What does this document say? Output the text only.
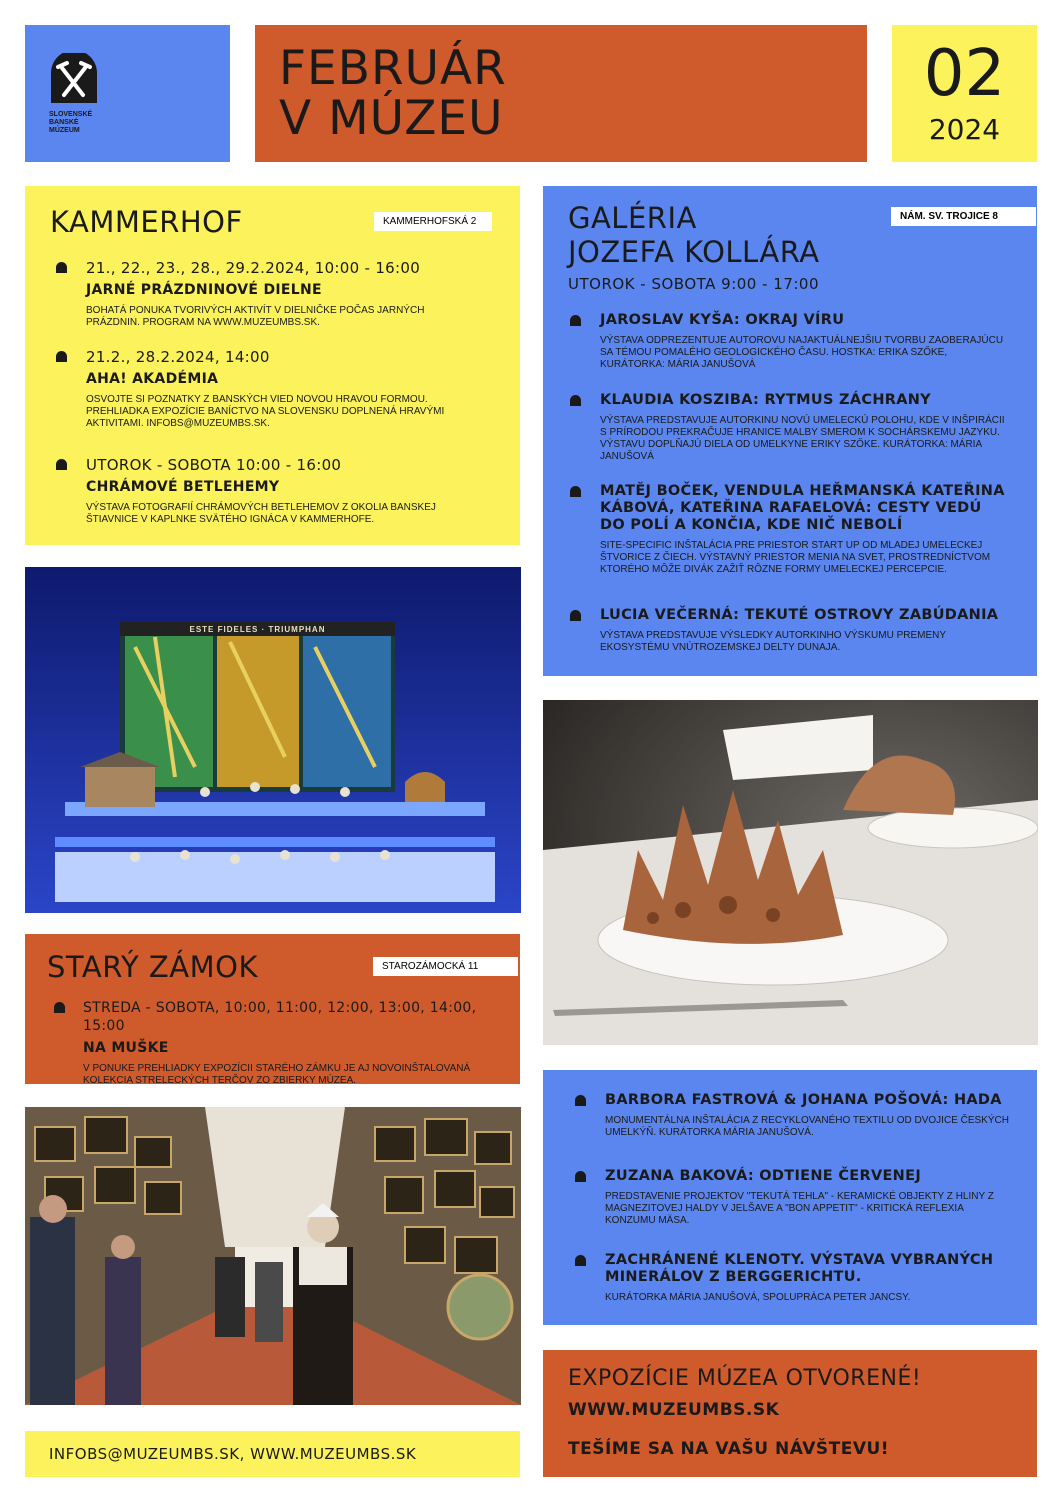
SLOVENSKÉ BANSKÉ MÚZEUM
FEBRUÁR
V MÚZEU
02
2024
KAMMERHOF	KAMMERHOFSKÁ 2
21., 22., 23., 28., 29.2.2024, 10:00 - 16:00
JARNÉ PRÁZDNINOVÉ DIELNE
BOHATÁ PONUKA TVORIVÝCH AKTIVÍT V DIELNIČKE POČAS JARNÝCH PRÁZDNIN. PROGRAM NA WWW.MUZEUMBS.SK.
21.2., 28.2.2024, 14:00
AHA! AKADÉMIA
OSVOJTE SI POZNATKY Z BANSKÝCH VIED NOVOU HRAVOU FORMOU. PREHLIADKA EXPOZÍCIE BANÍCTVO NA SLOVENSKU DOPLNENÁ HRAVÝMI AKTIVITAMI. INFOBS@MUZEUMBS.SK.
UTOROK - SOBOTA 10:00 - 16:00
CHRÁMOVÉ BETLEHEMY
VÝSTAVA FOTOGRAFIÍ CHRÁMOVÝCH BETLEHEMOV Z OKOLIA BANSKEJ ŠTIAVNICE V KAPLNKE SVÄTÉHO IGNÁCA V KAMMERHOFE.
GALÉRIA
JOZEFA KOLLÁRA
UTOROK - SOBOTA 9:00 - 17:00
NÁM. SV. TROJICE 8
JAROSLAV KYŠA: OKRAJ VÍRU
VÝSTAVA ODPREZENTUJE AUTOROVU NAJAKTUÁLNEJŠIU TVORBU ZAOBERAJÚCU SA TÉMOU POMALÉHO GEOLOGICKÉHO ČASU. HOSTKA: ERIKA SZŐKE, KURÁTORKA: MÁRIA JANUŠOVÁ
KLAUDIA KOSZIBA: RYTMUS ZÁCHRANY
VÝSTAVA PREDSTAVUJE AUTORKINU NOVÚ UMELECKÚ POLOHU, KDE V INŠPIRÁCII S PRÍRODOU PREKRAČUJE HRANICE MALBY SMEROM K SOCHÁRSKEMU JAZYKU. VÝSTAVU DOPLŇAJÚ DIELA OD UMELKYNE ERIKY SZŐKE. KURÁTORKA: MÁRIA JANUŠOVÁ
MATĚJ BOČEK, VENDULA HEŘMANSKÁ KATEŘINA KÁBOVÁ, KATEŘINA RAFAELOVÁ: CESTY VEDÚ DO POLÍ A KONČIA, KDE NIČ NEBOLÍ
SITE-SPECIFIC INŠTALÁCIA PRE PRIESTOR START UP OD MLADEJ UMELECKEJ ŠTVORICE Z ČIECH. VÝSTAVNÝ PRIESTOR MENIA NA SVET, PROSTREDNÍCTVOM KTORÉHO MÔŽE DIVÁK ZAŽIŤ RÔZNE FORMY UMELECKEJ PERCEPCIE.
LUCIA VEČERNÁ: TEKUTÉ OSTROVY ZABÚDANIA
VÝSTAVA PREDSTAVUJE VÝSLEDKY AUTORKINHO VÝSKUMU PREMENY EKOSYSTÉMU VNÚTROZEMSKEJ DELTY DUNAJA.
ESTE FIDELES · TRIUMPHAN
STARÝ ZÁMOK	STAROZÁMOCKÁ 11
STREDA - SOBOTA, 10:00, 11:00, 12:00, 13:00, 14:00, 15:00
NA MUŠKE
V PONUKE PREHLIADKY EXPOZÍCII STARÉHO ZÁMKU JE AJ NOVOINŠTALOVANÁ KOLEKCIA STRELECKÝCH TERČOV ZO ZBIERKY MÚZEA.
BARBORA FASTROVÁ & JOHANA POŠOVÁ: HADA
MONUMENTÁLNA INŠTALÁCIA Z RECYKLOVANÉHO TEXTILU OD DVOJICE ČESKÝCH UMELKÝŇ. KURÁTORKA MÁRIA JANUŠOVÁ.
ZUZANA BAKOVÁ: ODTIENE ČERVENEJ
PREDSTAVENIE PROJEKTOV "TEKUTÁ TEHLA" - KERAMICKÉ OBJEKTY Z HLINY Z MAGNEZITOVEJ HALDY V JELŠAVE A "BON APPETIT" - KRITICKÁ REFLEXIA KONZUMU MÄSA.
ZACHRÁNENÉ KLENOTY. VÝSTAVA VYBRANÝCH MINERÁLOV Z BERGGERICHTU.
KURÁTORKA MÁRIA JANUŠOVÁ, SPOLUPRÁCA PETER JANCSY.
INFOBS@MUZEUMBS.SK, WWW.MUZEUMBS.SK
EXPOZÍCIE MÚZEA OTVORENÉ!
WWW.MUZEUMBS.SK
TEŠÍME SA NA VAŠU NÁVŠTEVU!
